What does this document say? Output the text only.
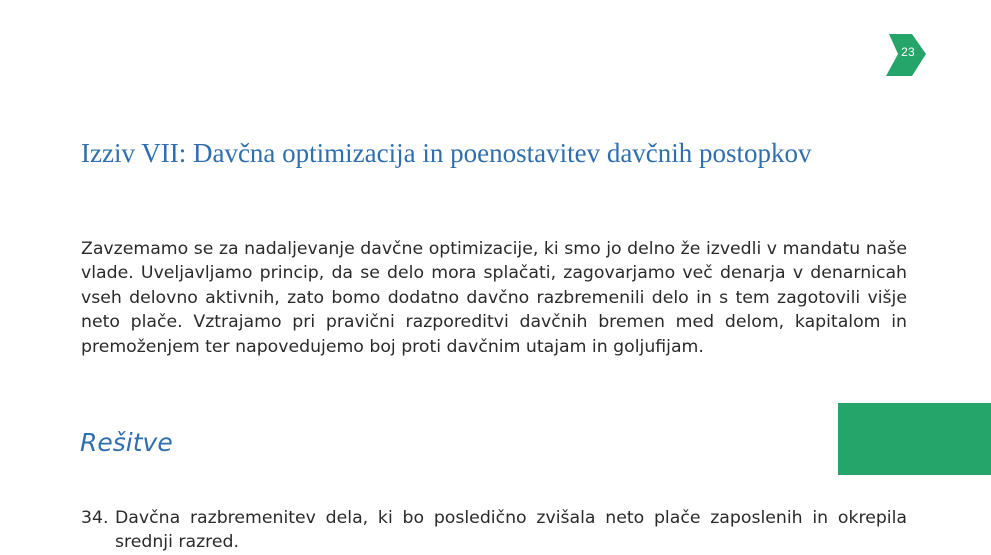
23
Izziv VII: Davčna optimizacija in poenostavitev davčnih postopkov

Zavzemamo se za nadaljevanje davčne optimizacije, ki smo jo delno že izvedli v mandatu naše vlade. Uveljavljamo princip, da se delo mora splačati, zagovarjamo več denarja v denarnicah vseh delovno aktivnih, zato bomo dodatno davčno razbremenili delo in s tem zagotovili višje neto plače. Vztrajamo pri pravični razporeditvi davčnih bremen med delom, kapitalom in premoženjem ter napovedujemo boj proti davčnim utajam in goljufijam.

Rešitve
34. Davčna razbremenitev dela, ki bo posledično zvišala neto plače zaposlenih in okrepila srednji razred.
